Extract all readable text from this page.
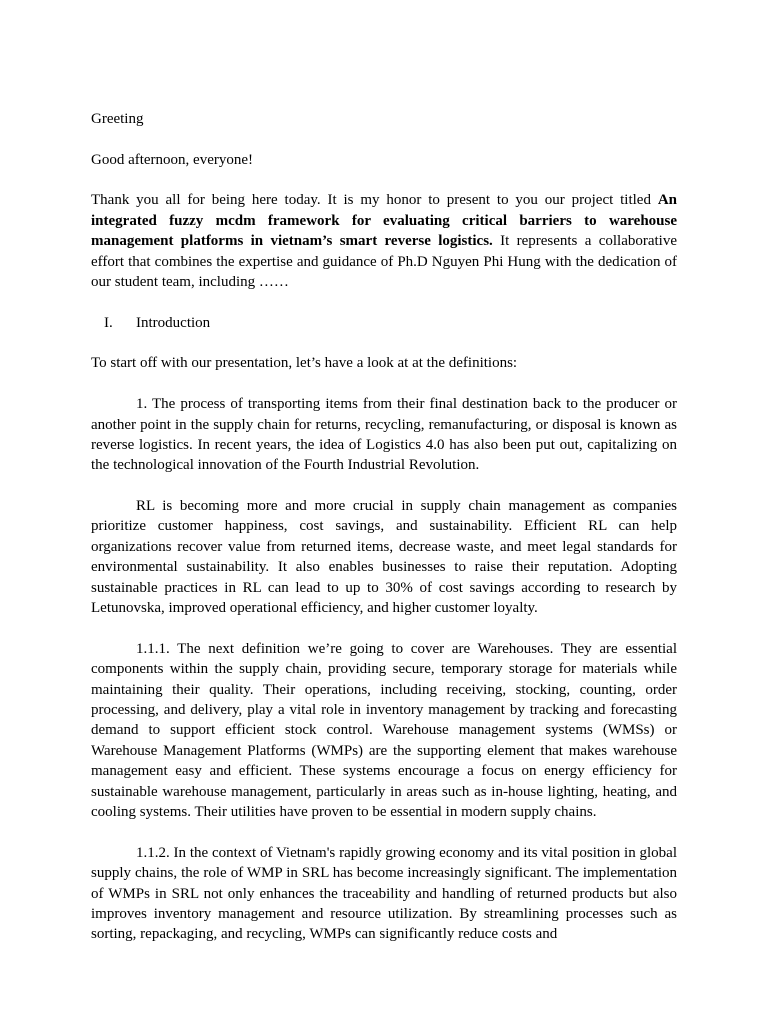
Greeting

Good afternoon, everyone!

Thank you all for being here today. It is my honor to present to you our project titled An integrated fuzzy mcdm framework for evaluating critical barriers to warehouse management platforms in vietnam’s smart reverse logistics. It represents a collaborative effort that combines the expertise and guidance of Ph.D Nguyen Phi Hung with the dedication of our student team, including ……

I.	Introduction

To start off with our presentation, let’s have a look at at the definitions:

1. The process of transporting items from their final destination back to the producer or another point in the supply chain for returns, recycling, remanufacturing, or disposal is known as reverse logistics. In recent years, the idea of Logistics 4.0 has also been put out, capitalizing on the technological innovation of the Fourth Industrial Revolution.

RL is becoming more and more crucial in supply chain management as companies prioritize customer happiness, cost savings, and sustainability. Efficient RL can help organizations recover value from returned items, decrease waste, and meet legal standards for environmental sustainability. It also enables businesses to raise their reputation. Adopting sustainable practices in RL can lead to up to 30% of cost savings according to research by Letunovska, improved operational efficiency, and higher customer loyalty.

1.1.1. The next definition we’re going to cover are Warehouses. They are essential components within the supply chain, providing secure, temporary storage for materials while maintaining their quality. Their operations, including receiving, stocking, counting, order processing, and delivery, play a vital role in inventory management by tracking and forecasting demand to support efficient stock control. Warehouse management systems (WMSs) or Warehouse Management Platforms (WMPs) are the supporting element that makes warehouse management easy and efficient. These systems encourage a focus on energy efficiency for sustainable warehouse management, particularly in areas such as in-house lighting, heating, and cooling systems. Their utilities have proven to be essential in modern supply chains.

1.1.2. In the context of Vietnam's rapidly growing economy and its vital position in global supply chains, the role of WMP in SRL has become increasingly significant. The implementation of WMPs in SRL not only enhances the traceability and handling of returned products but also improves inventory management and resource utilization. By streamlining processes such as sorting, repackaging, and recycling, WMPs can significantly reduce costs and
